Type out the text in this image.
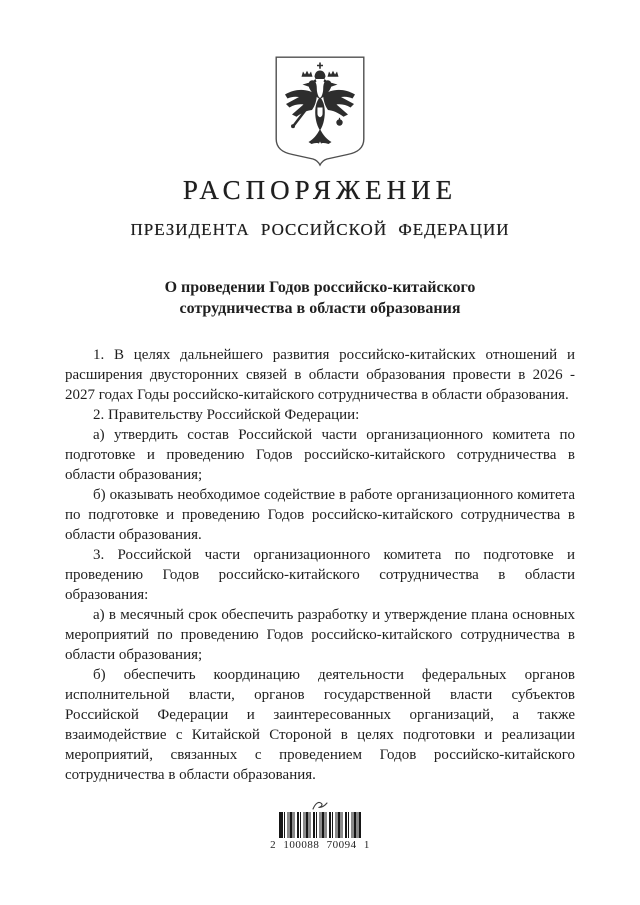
РАСПОРЯЖЕНИЕ
ПРЕЗИДЕНТА РОССИЙСКОЙ ФЕДЕРАЦИИ
О проведении Годов российско-китайского сотрудничества в области образования

1. В целях дальнейшего развития российско-китайских отношений и расширения двусторонних связей в области образования провести в 2026 - 2027 годах Годы российско-китайского сотрудничества в области образования.

2. Правительству Российской Федерации:

а) утвердить состав Российской части организационного комитета по подготовке и проведению Годов российско-китайского сотрудничества в области образования;

б) оказывать необходимое содействие в работе организационного комитета по подготовке и проведению Годов российско-китайского сотрудничества в области образования.

3. Российской части организационного комитета по подготовке и проведению Годов российско-китайского сотрудничества в области образования:

а) в месячный срок обеспечить разработку и утверждение плана основных мероприятий по проведению Годов российско-китайского сотрудничества в области образования;

б) обеспечить координацию деятельности федеральных органов исполнительной власти, органов государственной власти субъектов Российской Федерации и заинтересованных организаций, а также взаимодействие с Китайской Стороной в целях подготовки и реализации мероприятий, связанных с проведением Годов российско-китайского сотрудничества в области образования.

2 100088 70094 1
